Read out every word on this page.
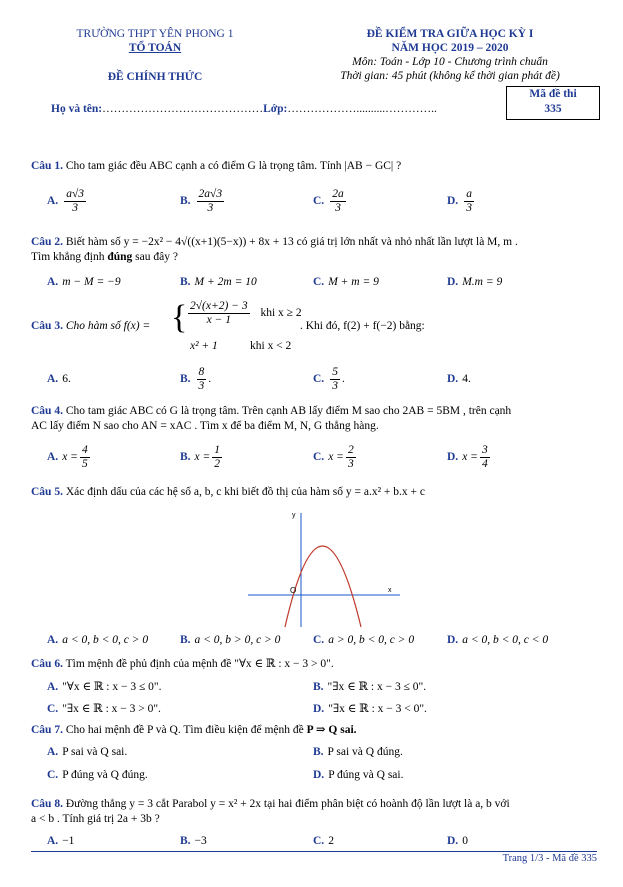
TRƯỜNG THPT YÊN PHONG 1
TỔ TOÁN
ĐỀ CHÍNH THỨC
ĐỀ KIỂM TRA GIỮA HỌC KỲ I
NĂM HỌC 2019 – 2020
Môn: Toán - Lớp 10 - Chương trình chuẩn
Thời gian: 45 phút (không kể thời gian phát đề)
Mã đề thi
335
Họ và tên:……………………………………Lớp:………………..........…………..
Câu 1. Cho tam giác đều ABC cạnh a có điểm G là trọng tâm. Tính |AB − GC| ?
A. $\frac{a√3}{3}$	B. $\frac{2a√3}{3}$	C. $\frac{2a}{3}$	D. $\frac{a}{3}$
Câu 2. Biết hàm số y = −2x² − 4√((x+1)(5−x)) + 8x + 13 có giá trị lớn nhất và nhỏ nhất lần lượt là M, m .
Tìm khẳng định đúng sau đây ?
A. m − M = −9	B. M + 2m = 10	C. M + m = 9	D. M.m = 9
Câu 3. Cho hàm số f(x) = { $\frac{2√(x+2) - 3}{x - 1}$ khi x ≥ 2
x² + 1	khi x < 2
. Khi đó, f(2) + f(−2) bằng:
A. 6.	B. $\frac{8}{3}$ .	C. $\frac{5}{3}$ .	D. 4.
Câu 4. Cho tam giác ABC có G là trọng tâm. Trên cạnh AB lấy điểm M sao cho 2AB = 5BM , trên cạnh
AC lấy điểm N sao cho AN = xAC . Tìm x để ba điểm M, N, G thẳng hàng.
A. $x = \frac{4}{5}$	B. $x = \frac{1}{2}$	C. $x = \frac{2}{3}$	D. $x = \frac{3}{4}$
Câu 5. Xác định dấu của các hệ số a, b, c khi biết đồ thị của hàm số y = a.x² + b.x + c
y
x
O
A. a < 0, b < 0, c > 0	B. a < 0, b > 0, c > 0	C. a > 0, b < 0, c > 0	D. a < 0, b < 0, c < 0
Câu 6. Tìm mệnh đề phủ định của mệnh đề "∀x ∈ ℝ : x − 3 > 0".
A. "∀x ∈ ℝ : x − 3 ≤ 0".	B. "∃x ∈ ℝ : x − 3 ≤ 0".
C. "∃x ∈ ℝ : x − 3 > 0".	D. "∃x ∈ ℝ : x − 3 < 0".
Câu 7. Cho hai mệnh đề P và Q. Tìm điều kiện để mệnh đề P ⇒ Q sai.
A. P sai và Q sai.	B. P sai và Q đúng.
C. P đúng và Q đúng.	D. P đúng và Q sai.
Câu 8. Đường thẳng y = 3 cắt Parabol y = x² + 2x tại hai điểm phân biệt có hoành độ lần lượt là a, b với
a < b . Tính giá trị 2a + 3b ?
A. −1	B. −3	C. 2	D. 0
Trang 1/3 - Mã đề 335
